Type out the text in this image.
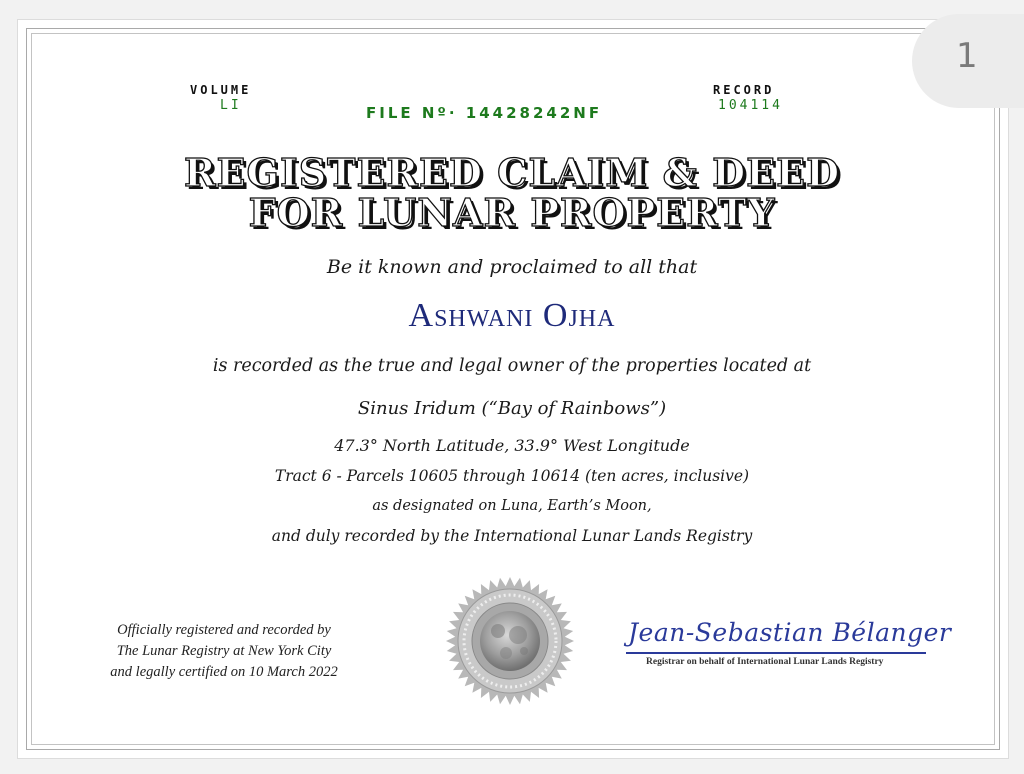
1
VOLUME
LI	FILE Nº· 14428242NF
RECORD
104114
REGISTERED CLAIM & DEED
FOR LUNAR PROPERTY
Be it known and proclaimed to all that
Ashwani Ojha
is recorded as the true and legal owner of the properties located at
Sinus Iridum (“Bay of Rainbows”)
47.3° North Latitude, 33.9° West Longitude
Tract 6 - Parcels 10605 through 10614 (ten acres, inclusive)
as designated on Luna, Earth’s Moon,
and duly recorded by the International Lunar Lands Registry
Officially registered and recorded by
The Lunar Registry at New York City
and legally certified on 10 March 2022
Jean-Sebastian Bélanger
Registrar on behalf of International Lunar Lands Registry
